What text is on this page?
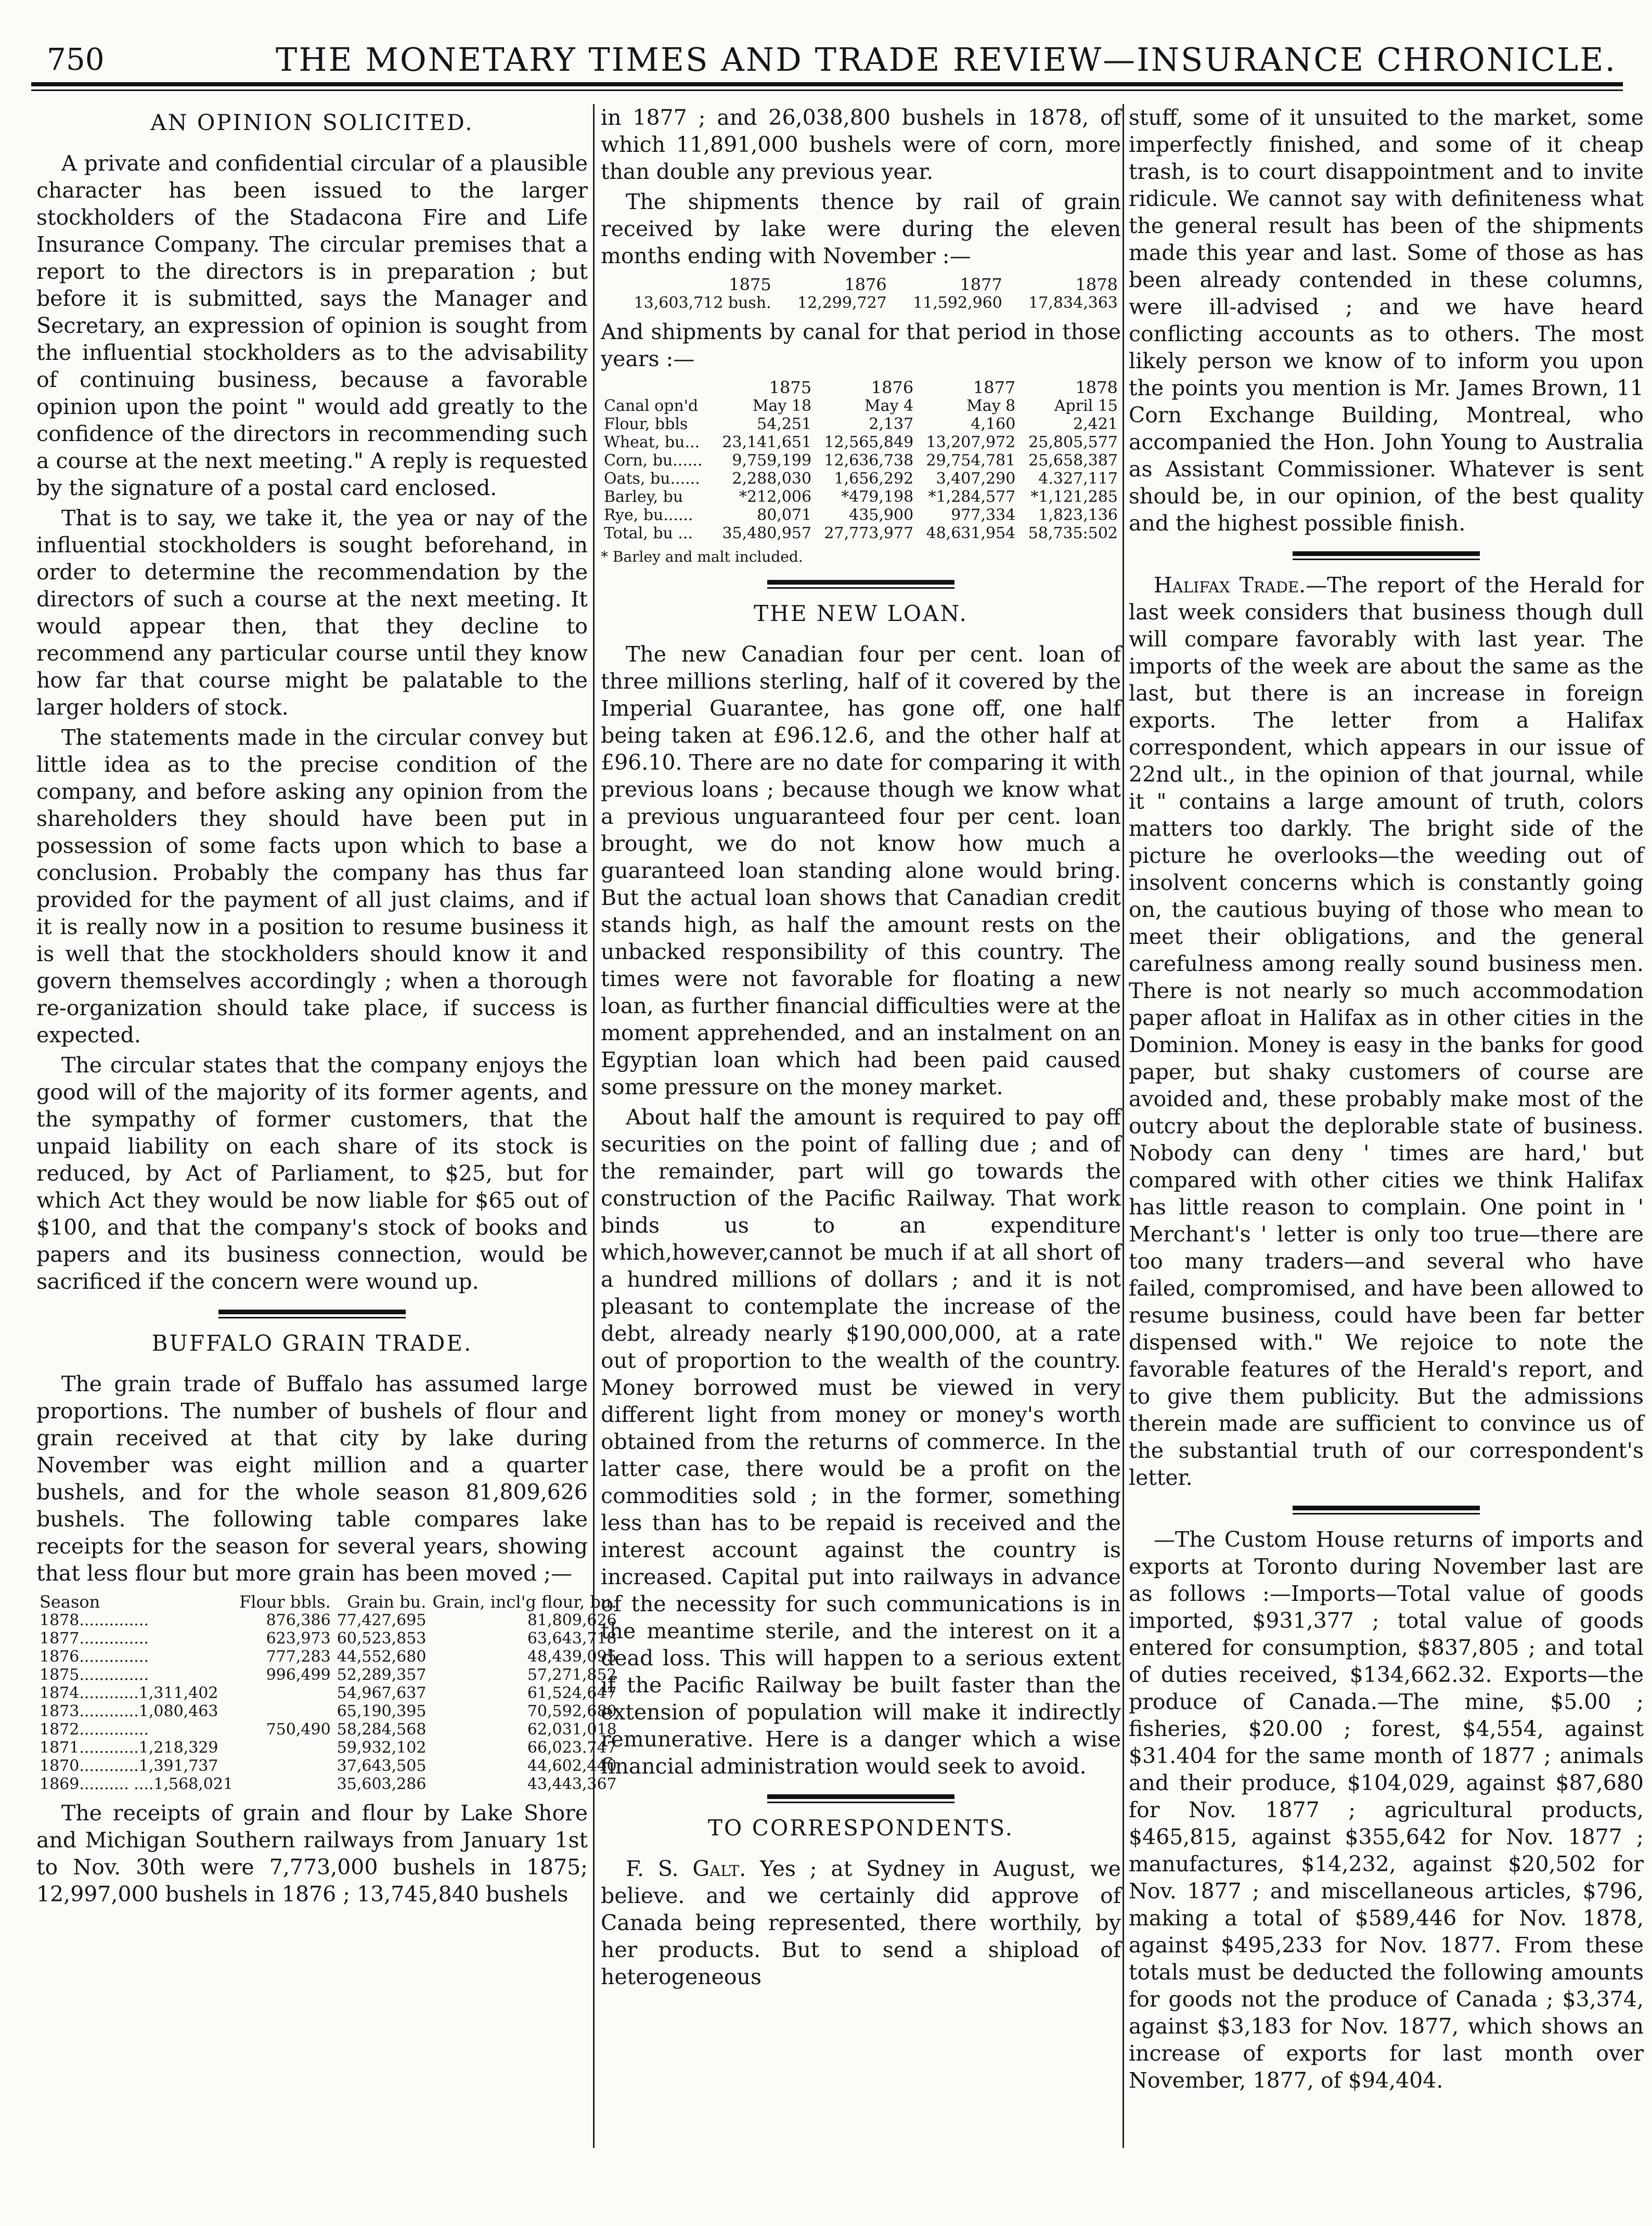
750	THE MONETARY TIMES AND TRADE REVIEW—INSURANCE CHRONICLE.
AN OPINION SOLICITED.

A private and confidential circular of a plausible character has been issued to the larger stockholders of the Stadacona Fire and Life Insurance Company. The circular premises that a report to the directors is in preparation ; but before it is submitted, says the Manager and Secretary, an expression of opinion is sought from the influential stockholders as to the advisability of continuing business, because a favorable opinion upon the point " would add greatly to the confidence of the directors in recommending such a course at the next meeting." A reply is requested by the signature of a postal card enclosed.

That is to say, we take it, the yea or nay of the influential stockholders is sought beforehand, in order to determine the recommendation by the directors of such a course at the next meeting. It would appear then, that they decline to recommend any particular course until they know how far that course might be palatable to the larger holders of stock.

The statements made in the circular convey but little idea as to the precise condition of the company, and before asking any opinion from the shareholders they should have been put in possession of some facts upon which to base a conclusion. Probably the company has thus far provided for the payment of all just claims, and if it is really now in a position to resume business it is well that the stockholders should know it and govern themselves accordingly ; when a thorough re-organization should take place, if success is expected.

The circular states that the company enjoys the good will of the majority of its former agents, and the sympathy of former customers, that the unpaid liability on each share of its stock is reduced, by Act of Parliament, to $25, but for which Act they would be now liable for $65 out of $100, and that the company's stock of books and papers and its business connection, would be sacrificed if the concern were wound up.

BUFFALO GRAIN TRADE.

The grain trade of Buffalo has assumed large proportions. The number of bushels of flour and grain received at that city by lake during November was eight million and a quarter bushels, and for the whole season 81,809,626 bushels. The following table compares lake receipts for the season for several years, showing that less flour but more grain has been moved ;—

Season	Flour bbls.	Grain bu.	Grain, incl'g flour, bu.
1878..............	876,386	77,427,695	81,809,626
1877..............	623,973	60,523,853	63,643,718
1876..............	777,283	44,552,680	48,439,095
1875..............	996,499	52,289,357	57,271,852
1874............1,311,402		54,967,637	61,524,647
1873............1,080,463		65,190,395	70,592,680
1872..............	750,490	58,284,568	62,031,018
1871............1,218,329		59,932,102	66,023.747
1870............1,391,737		37,643,505	44,602,440
1869.......... ....1,568,021		35,603,286	43,443,367

The receipts of grain and flour by Lake Shore and Michigan Southern railways from January 1st to Nov. 30th were 7,773,000 bushels in 1875; 12,997,000 bushels in 1876 ; 13,745,840 bushels

in 1877 ; and 26,038,800 bushels in 1878, of which 11,891,000 bushels were of corn, more than double any previous year.

The shipments thence by rail of grain received by lake were during the eleven months ending with November :—

1875	1876	1877	1878
13,603,712 bush.	12,299,727	11,592,960	17,834,363

And shipments by canal for that period in those years :—

	1875	1876	1877	1878
Canal opn'd	May 18	May 4	May 8	April 15
Flour, bbls	54,251	2,137	4,160	2,421
Wheat, bu...	23,141,651	12,565,849	13,207,972	25,805,577
Corn, bu......	9,759,199	12,636,738	29,754,781	25,658,387
Oats, bu......	2,288,030	1,656,292	3,407,290	4.327,117
Barley, bu	*212,006	*479,198	*1,284,577	*1,121,285
Rye, bu......	80,071	435,900	977,334	1,823,136
Total, bu ...	35,480,957	27,773,977	48,631,954	58,735:502
* Barley and malt included.
THE NEW LOAN.

The new Canadian four per cent. loan of three millions sterling, half of it covered by the Imperial Guarantee, has gone off, one half being taken at £96.12.6, and the other half at £96.10. There are no date for comparing it with previous loans ; because though we know what a previous unguaranteed four per cent. loan brought, we do not know how much a guaranteed loan standing alone would bring. But the actual loan shows that Canadian credit stands high, as half the amount rests on the unbacked responsibility of this country. The times were not favorable for floating a new loan, as further financial difficulties were at the moment apprehended, and an instalment on an Egyptian loan which had been paid caused some pressure on the money market.

About half the amount is required to pay off securities on the point of falling due ; and of the remainder, part will go towards the construction of the Pacific Railway. That work binds us to an expenditure which,however,cannot be much if at all short of a hundred millions of dollars ; and it is not pleasant to contemplate the increase of the debt, already nearly $190,000,000, at a rate out of proportion to the wealth of the country. Money borrowed must be viewed in very different light from money or money's worth obtained from the returns of commerce. In the latter case, there would be a profit on the commodities sold ; in the former, something less than has to be repaid is received and the interest account against the country is increased. Capital put into railways in advance of the necessity for such communications is in the meantime sterile, and the interest on it a dead loss. This will happen to a serious extent if the Pacific Railway be built faster than the extension of population will make it indirectly remunerative. Here is a danger which a wise financial administration would seek to avoid.

TO CORRESPONDENTS.

F. S. Galt. Yes ; at Sydney in August, we believe. and we certainly did approve of Canada being represented, there worthily, by her products. But to send a shipload of heterogeneous

stuff, some of it unsuited to the market, some imperfectly finished, and some of it cheap trash, is to court disappointment and to invite ridicule. We cannot say with definiteness what the general result has been of the shipments made this year and last. Some of those as has been already contended in these columns, were ill-advised ; and we have heard conflicting accounts as to others. The most likely person we know of to inform you upon the points you mention is Mr. James Brown, 11 Corn Exchange Building, Montreal, who accompanied the Hon. John Young to Australia as Assistant Commissioner. Whatever is sent should be, in our opinion, of the best quality and the highest possible finish.

Halifax Trade.—The report of the Herald for last week considers that business though dull will compare favorably with last year. The imports of the week are about the same as the last, but there is an increase in foreign exports. The letter from a Halifax correspondent, which appears in our issue of 22nd ult., in the opinion of that journal, while it " contains a large amount of truth, colors matters too darkly. The bright side of the picture he overlooks—the weeding out of insolvent concerns which is constantly going on, the cautious buying of those who mean to meet their obligations, and the general carefulness among really sound business men. There is not nearly so much accommodation paper afloat in Halifax as in other cities in the Dominion. Money is easy in the banks for good paper, but shaky customers of course are avoided and, these probably make most of the outcry about the deplorable state of business. Nobody can deny ' times are hard,' but compared with other cities we think Halifax has little reason to complain. One point in ' Merchant's ' letter is only too true—there are too many traders—and several who have failed, compromised, and have been allowed to resume business, could have been far better dispensed with." We rejoice to note the favorable features of the Herald's report, and to give them publicity. But the admissions therein made are sufficient to convince us of the substantial truth of our correspondent's letter.

—The Custom House returns of imports and exports at Toronto during November last are as follows :—Imports—Total value of goods imported, $931,377 ; total value of goods entered for consumption, $837,805 ; and total of duties received, $134,662.32. Exports—the produce of Canada.—The mine, $5.00 ; fisheries, $20.00 ; forest, $4,554, against $31.404 for the same month of 1877 ; animals and their produce, $104,029, against $87,680 for Nov. 1877 ; agricultural products, $465,815, against $355,642 for Nov. 1877 ; manufactures, $14,232, against $20,502 for Nov. 1877 ; and miscellaneous articles, $796, making a total of $589,446 for Nov. 1878, against $495,233 for Nov. 1877. From these totals must be deducted the following amounts for goods not the produce of Canada ; $3,374, against $3,183 for Nov. 1877, which shows an increase of exports for last month over November, 1877, of $94,404.
